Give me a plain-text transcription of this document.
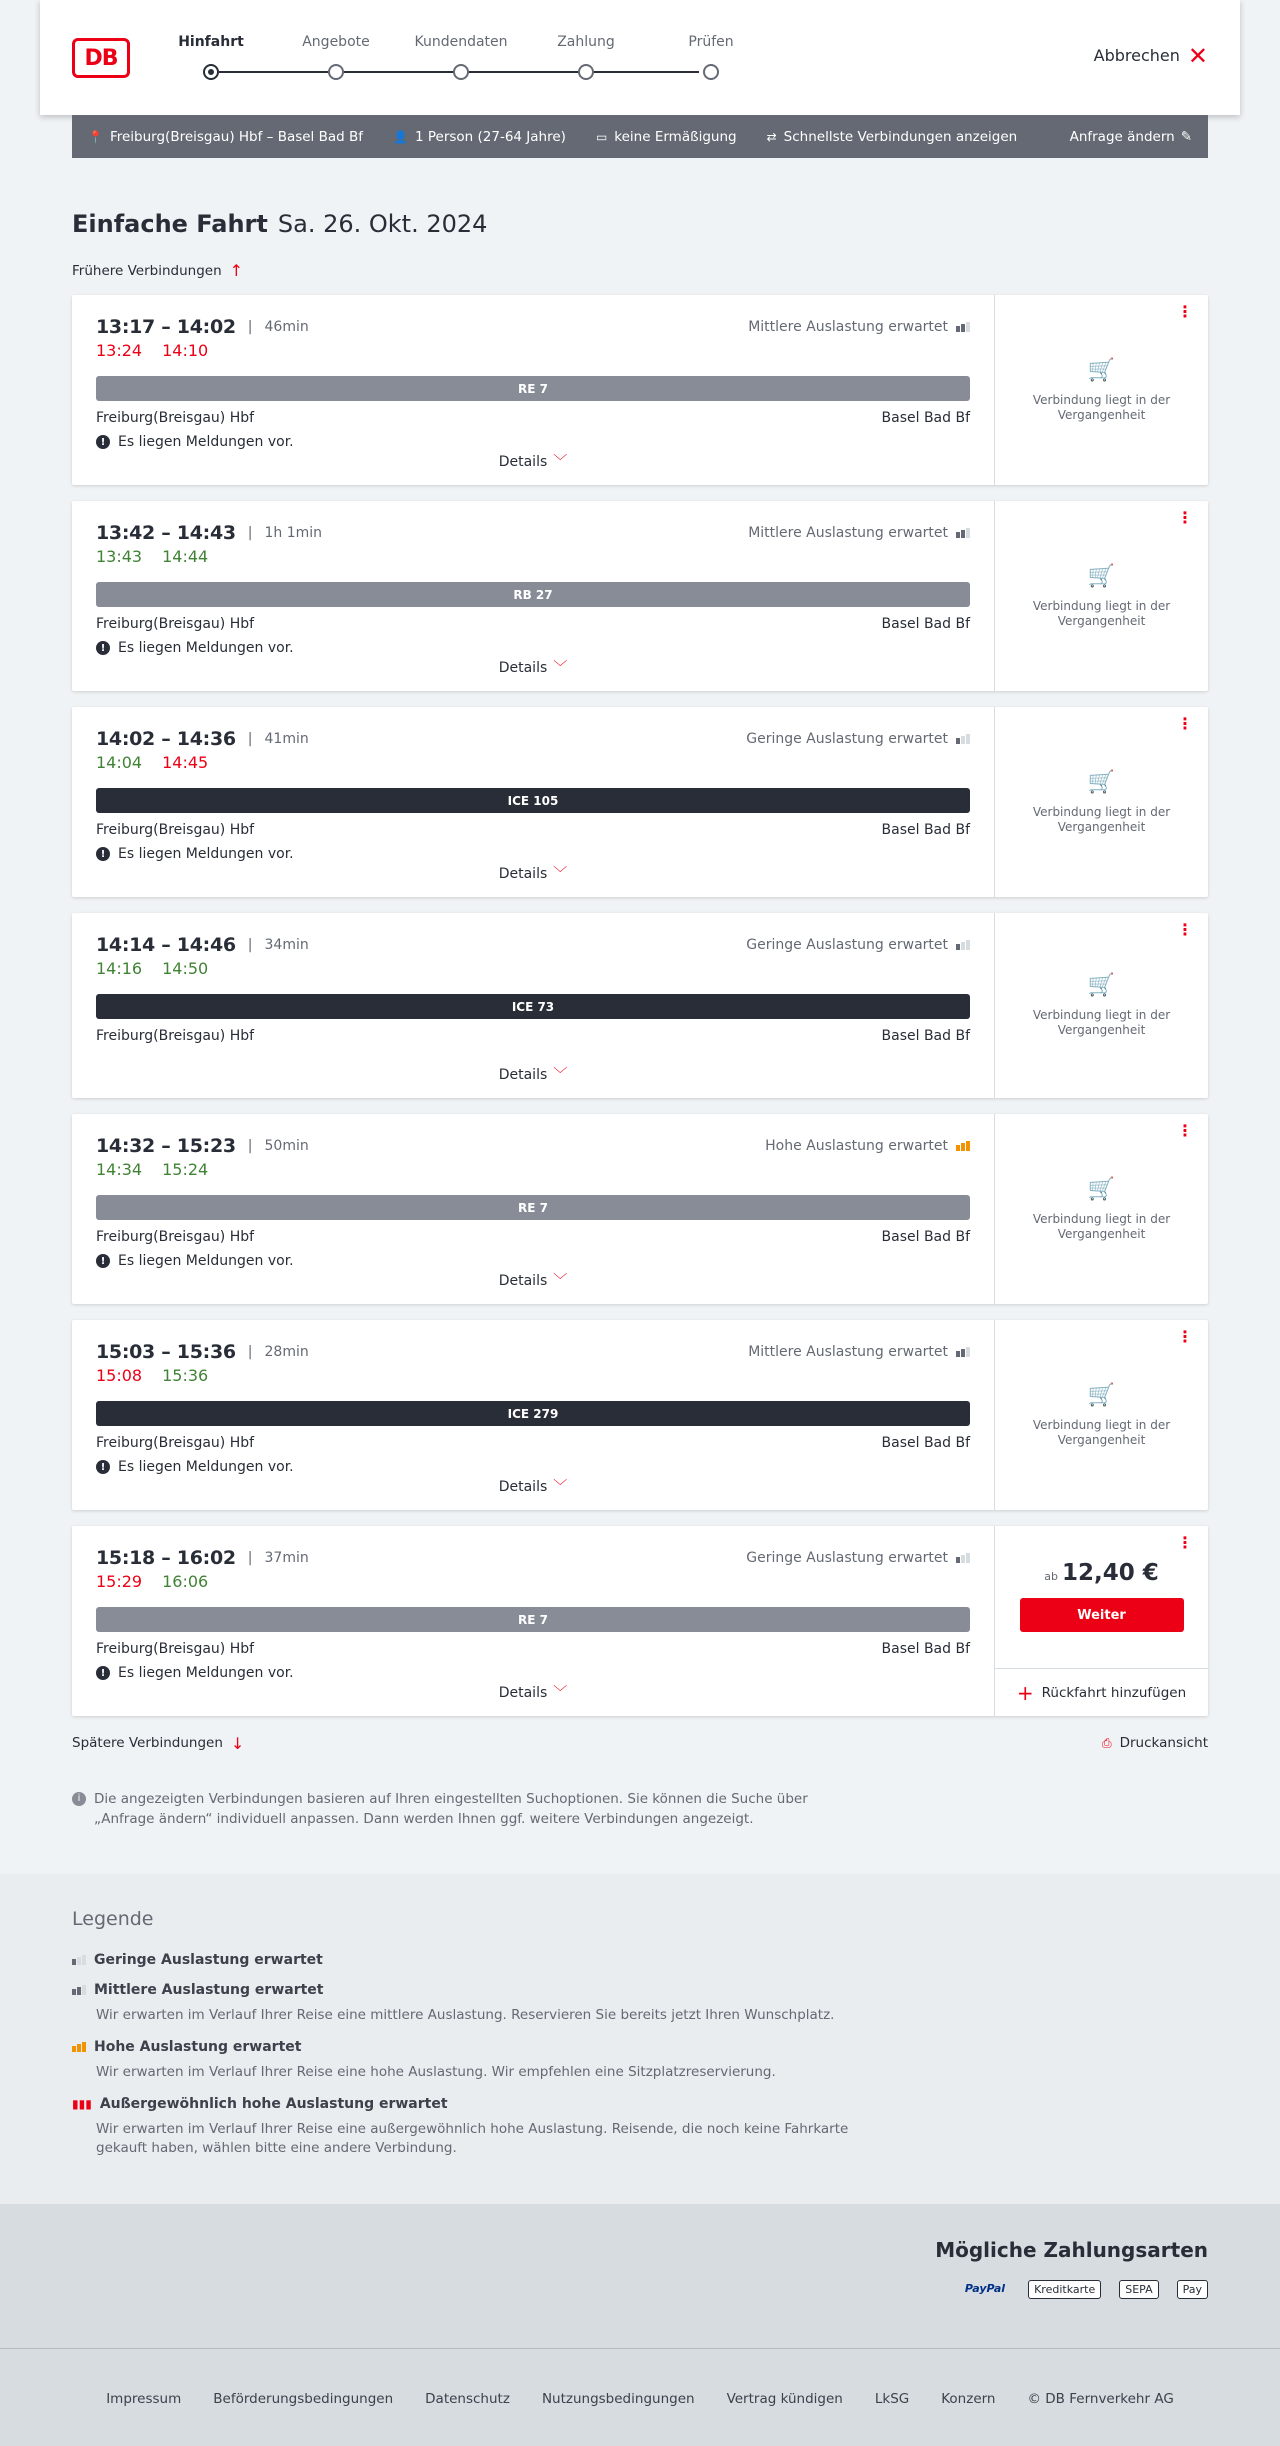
DB
Hinfahrt	Angebote	Kundendaten	Zahlung	Prüfen
Abbrechen ✕
📍 Freiburg(Breisgau) Hbf – Basel Bad Bf	👤 1 Person (27-64 Jahre)	▭ keine Ermäßigung	⇄ Schnellste Verbindungen anzeigen	Anfrage ändern ✎
Einfache Fahrt Sa. 26. Okt. 2024
Frühere Verbindungen ↑
13:17 – 14:02 | 46min	Mittlere Auslastung erwartet
13:24 14:10
RE 7
Freiburg(Breisgau) Hbf	Basel Bad Bf
! Es liegen Meldungen vor.
Details ﹀
⋮
🛒
Verbindung liegt in der Vergangenheit
13:42 – 14:43 | 1h 1min	Mittlere Auslastung erwartet
13:43 14:44
RB 27
Freiburg(Breisgau) Hbf	Basel Bad Bf
! Es liegen Meldungen vor.
Details ﹀
⋮
🛒
Verbindung liegt in der Vergangenheit
14:02 – 14:36 | 41min	Geringe Auslastung erwartet
14:04 14:45
ICE 105
Freiburg(Breisgau) Hbf	Basel Bad Bf
! Es liegen Meldungen vor.
Details ﹀
⋮
🛒
Verbindung liegt in der Vergangenheit
14:14 – 14:46 | 34min	Geringe Auslastung erwartet
14:16 14:50
ICE 73
Freiburg(Breisgau) Hbf	Basel Bad Bf
Details ﹀
⋮
🛒
Verbindung liegt in der Vergangenheit
14:32 – 15:23 | 50min	Hohe Auslastung erwartet
14:34 15:24
RE 7
Freiburg(Breisgau) Hbf	Basel Bad Bf
! Es liegen Meldungen vor.
Details ﹀
⋮
🛒
Verbindung liegt in der Vergangenheit
15:03 – 15:36 | 28min	Mittlere Auslastung erwartet
15:08 15:36
ICE 279
Freiburg(Breisgau) Hbf	Basel Bad Bf
! Es liegen Meldungen vor.
Details ﹀
⋮
🛒
Verbindung liegt in der Vergangenheit
15:18 – 16:02 | 37min	Geringe Auslastung erwartet
15:29 16:06
RE 7
Freiburg(Breisgau) Hbf	Basel Bad Bf
! Es liegen Meldungen vor.
Details ﹀
⋮
ab 12,40 €
Weiter
+ Rückfahrt hinzufügen
Spätere Verbindungen ↓	⎙ Druckansicht
i	Die angezeigten Verbindungen basieren auf Ihren eingestellten Suchoptionen. Sie können die Suche über „Anfrage ändern“ individuell anpassen. Dann werden Ihnen ggf. weitere Verbindungen angezeigt.
Legende
Geringe Auslastung erwartet
Mittlere Auslastung erwartet
Wir erwarten im Verlauf Ihrer Reise eine mittlere Auslastung. Reservieren Sie bereits jetzt Ihren Wunschplatz.
Hohe Auslastung erwartet
Wir erwarten im Verlauf Ihrer Reise eine hohe Auslastung. Wir empfehlen eine Sitzplatzreservierung.
▮▮▮ Außergewöhnlich hohe Auslastung erwartet
Wir erwarten im Verlauf Ihrer Reise eine außergewöhnlich hohe Auslastung. Reisende, die noch keine Fahrkarte gekauft haben, wählen bitte eine andere Verbindung.
Mögliche Zahlungsarten
PayPal	Kreditkarte	SEPA	Pay
Impressum Beförderungsbedingungen Datenschutz Nutzungsbedingungen Vertrag kündigen LkSG Konzern © DB Fernverkehr AG
